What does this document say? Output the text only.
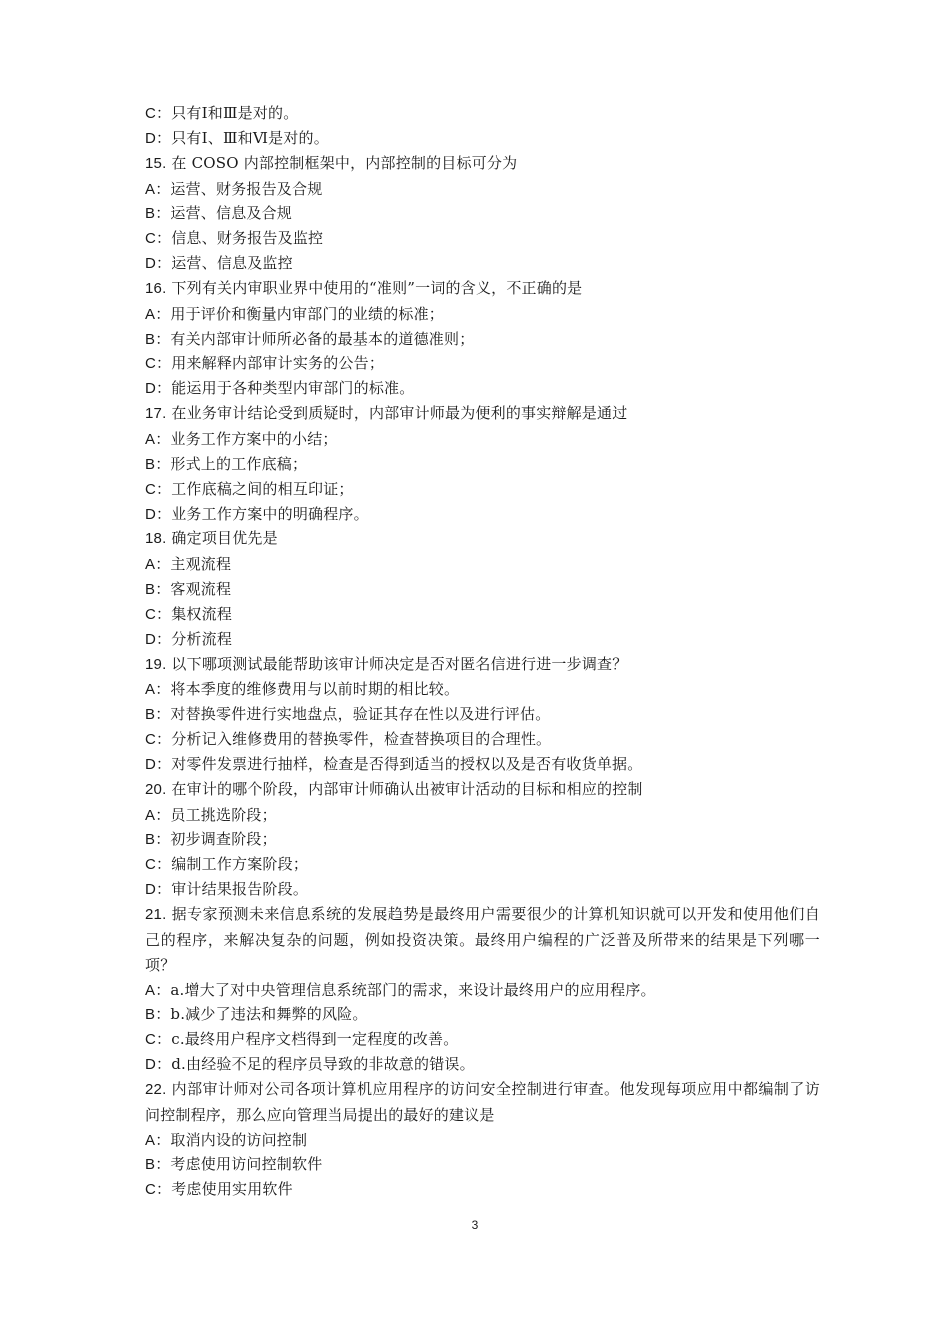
C：只有Ⅰ和Ⅲ是对的。
D：只有Ⅰ、Ⅲ和Ⅵ是对的。
15. 在 COSO 内部控制框架中，内部控制的目标可分为
A：运营、财务报告及合规
B：运营、信息及合规
C：信息、财务报告及监控
D：运营、信息及监控
16. 下列有关内审职业界中使用的“准则”一词的含义，不正确的是
A：用于评价和衡量内审部门的业绩的标准；
B：有关内部审计师所必备的最基本的道德准则；
C：用来解释内部审计实务的公告；
D：能运用于各种类型内审部门的标准。
17. 在业务审计结论受到质疑时，内部审计师最为便利的事实辩解是通过
A：业务工作方案中的小结；
B：形式上的工作底稿；
C：工作底稿之间的相互印证；
D：业务工作方案中的明确程序。
18. 确定项目优先是
A：主观流程
B：客观流程
C：集权流程
D：分析流程
19. 以下哪项测试最能帮助该审计师决定是否对匿名信进行进一步调查？
A：将本季度的维修费用与以前时期的相比较。
B：对替换零件进行实地盘点，验证其存在性以及进行评估。
C：分析记入维修费用的替换零件，检查替换项目的合理性。
D：对零件发票进行抽样，检查是否得到适当的授权以及是否有收货单据。
20. 在审计的哪个阶段，内部审计师确认出被审计活动的目标和相应的控制
A：员工挑选阶段；
B：初步调查阶段；
C：编制工作方案阶段；
D：审计结果报告阶段。
21. 据专家预测未来信息系统的发展趋势是最终用户需要很少的计算机知识就可以开发和使用他们自己的程序，来解决复杂的问题，例如投资决策。最终用户编程的广泛普及所带来的结果是下列哪一项？
A：a.增大了对中央管理信息系统部门的需求，来设计最终用户的应用程序。
B：b.减少了违法和舞弊的风险。
C：c.最终用户程序文档得到一定程度的改善。
D：d.由经验不足的程序员导致的非故意的错误。
22. 内部审计师对公司各项计算机应用程序的访问安全控制进行审查。他发现每项应用中都编制了访问控制程序，那么应向管理当局提出的最好的建议是
A：取消内设的访问控制
B：考虑使用访问控制软件
C：考虑使用实用软件
3
